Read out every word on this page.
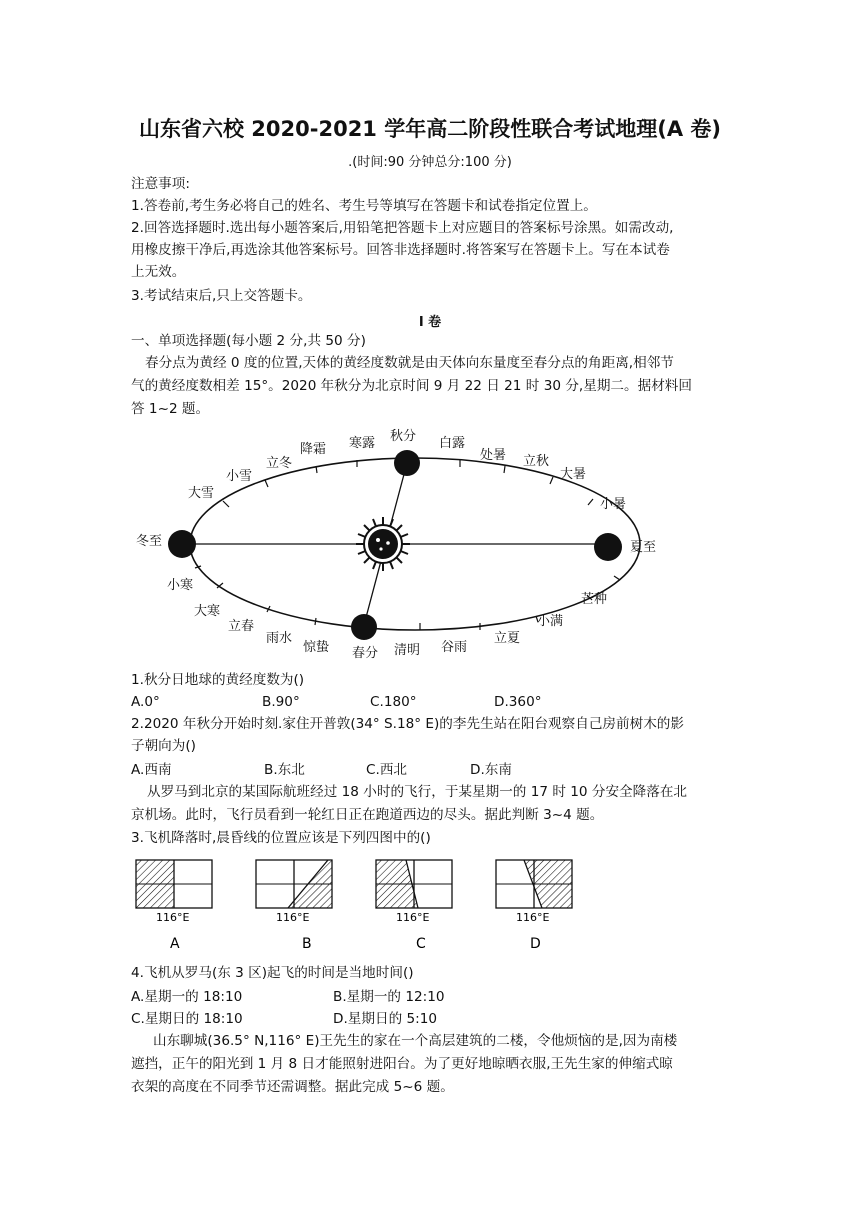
山东省六校 2020-2021 学年高二阶段性联合考试地理(A 卷)
.(时间:90 分钟总分:100 分)
注意事项:
1.答卷前,考生务必将自己的姓名、考生号等填写在答题卡和试卷指定位置上。
2.回答选择题时.选出每小题答案后,用铅笔把答题卡上对应题目的答案标号涂黑。如需改动,
用橡皮擦干净后,再选涂其他答案标号。回答非选择题时.将答案写在答题卡上。写在本试卷
上无效。
3.考试结束后,只上交答题卡。
I 卷
一、单项选择题(每小题 2 分,共 50 分)
春分点为黄经 0 度的位置,天体的黄经度数就是由天体向东量度至春分点的角距离,相邻节
气的黄经度数相差 15°。2020 年秋分为北京时间 9 月 22 日 21 时 30 分,星期二。据材料回
答 1~2 题。
冬至	夏至
秋分
春分
白露
寒露
降霜
立冬
小雪
大雪
小寒
大寒
立春
雨水
惊蛰	清明 谷雨
立夏
小满
芒种
处暑 立秋
大暑
小暑
1.秋分日地球的黄经度数为()
A.0°	B.90°	C.180°	D.360°
2.2020 年秋分开始时刻.家住开普敦(34° S.18° E)的李先生站在阳台观察自己房前树木的影
子朝向为()
A.西南	B.东北	C.西北	D.东南
从罗马到北京的某国际航班经过 18 小时的飞行，于某星期一的 17 时 10 分安全降落在北
京机场。此时，飞行员看到一轮红日正在跑道西边的尽头。据此判断 3~4 题。
3.飞机降落时,晨昏线的位置应该是下列四图中的()
116°E
A
116°E
B
116°E
C
116°E
D
4.飞机从罗马(东 3 区)起飞的时间是当地时间()
A.星期一的 18:10	B.星期一的 12:10
C.星期日的 18:10	D.星期日的 5:10
山东聊城(36.5° N,116° E)王先生的家在一个高层建筑的二楼，令他烦恼的是,因为南楼
遮挡，正午的阳光到 1 月 8 日才能照射进阳台。为了更好地晾晒衣服,王先生家的伸缩式晾
衣架的高度在不同季节还需调整。据此完成 5~6 题。
